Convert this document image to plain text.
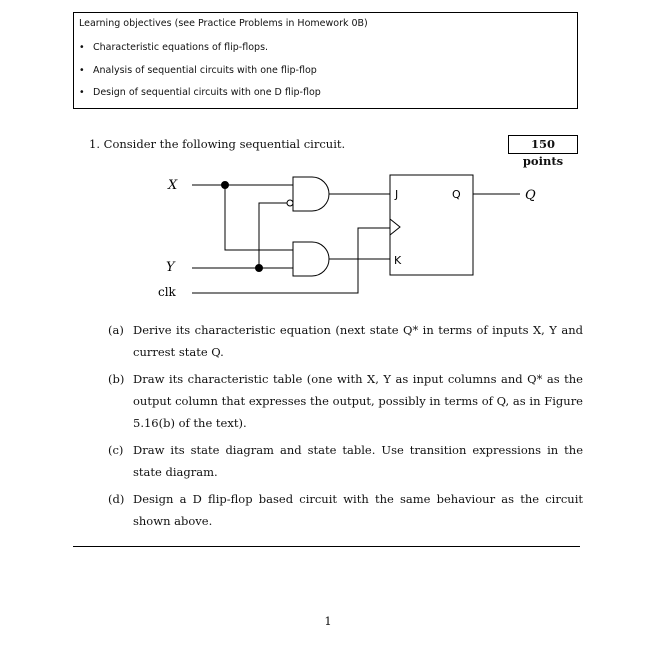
Learning objectives (see Practice Problems in Homework 0B)
• Characteristic equations of flip-flops.
• Analysis of sequential circuits with one flip-flop
• Design of sequential circuits with one D flip-flop
1. Consider the following sequential circuit.	150 points
X
Y
clk
J
K
Q	Q
(a) Derive its characteristic equation (next state Q* in terms of inputs X, Y and currest state Q.
(b) Draw its characteristic table (one with X, Y as input columns and Q* as the output column that expresses the output, possibly in terms of Q, as in Figure 5.16(b) of the text).
(c) Draw its state diagram and state table. Use transition expressions in the state diagram.
(d) Design a D flip-flop based circuit with the same behaviour as the circuit shown above.
1
